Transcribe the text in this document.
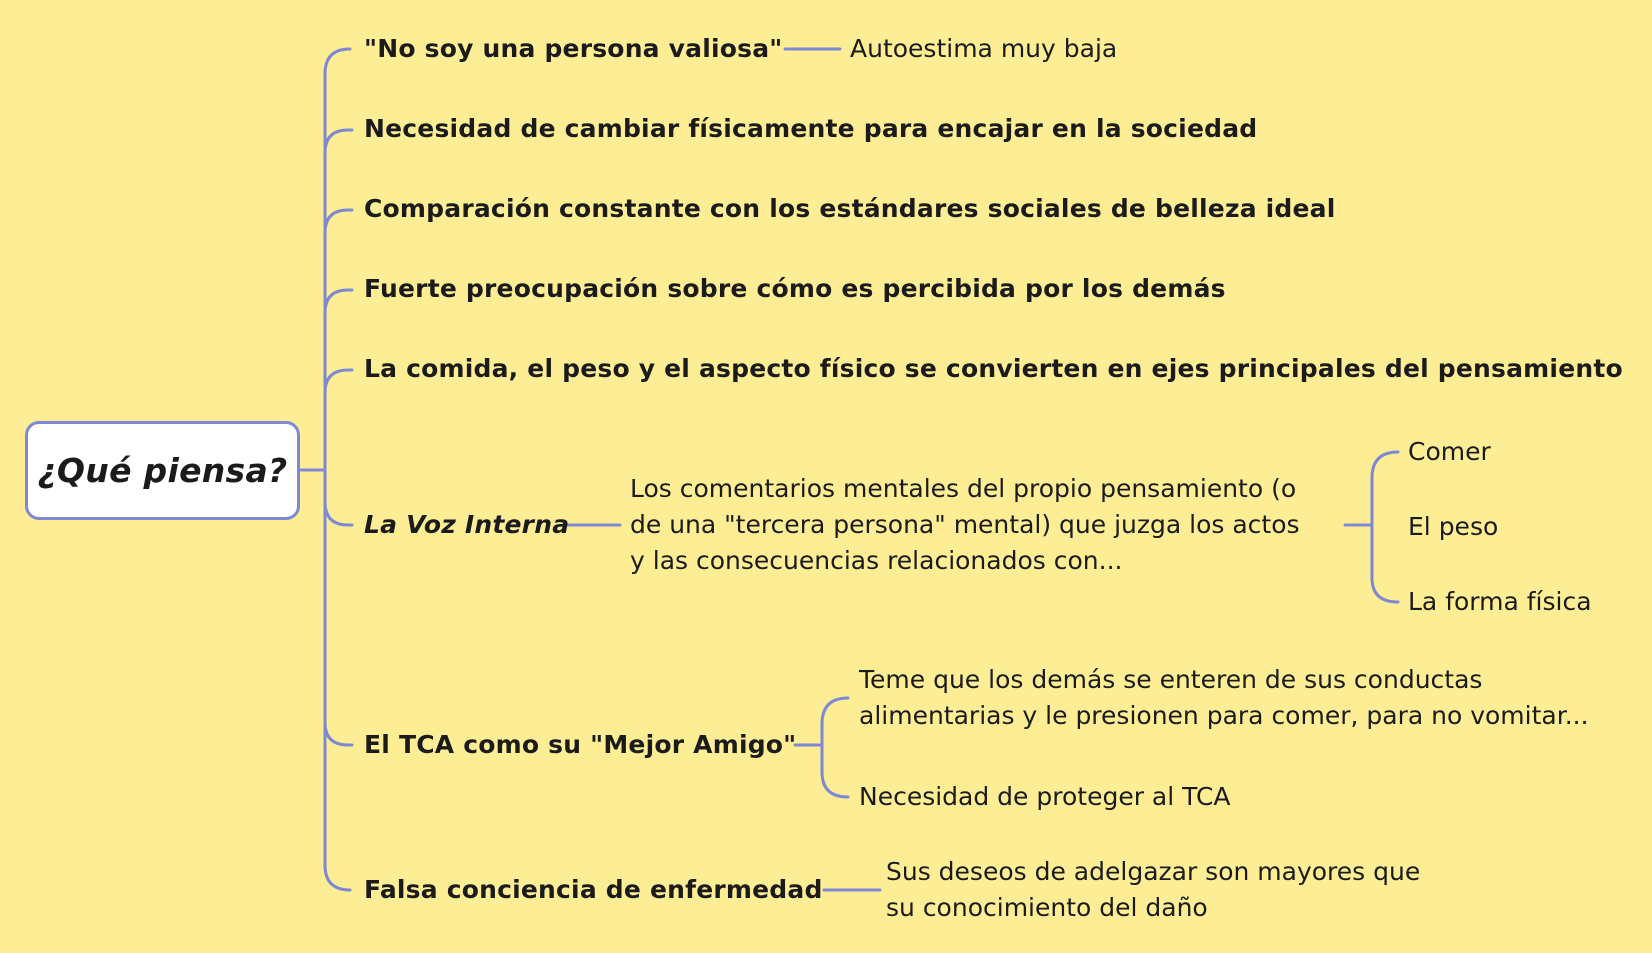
¿Qué piensa?
"No soy una persona valiosa"	Autoestima muy baja
Necesidad de cambiar físicamente para encajar en la sociedad
Comparación constante con los estándares sociales de belleza ideal
Fuerte preocupación sobre cómo es percibida por los demás
La comida, el peso y el aspecto físico se convierten en ejes principales del pensamiento
La Voz Interna
Los comentarios mentales del propio pensamiento (o
de una "tercera persona" mental) que juzga los actos
y las consecuencias relacionados con...
Comer
El peso
La forma física
El TCA como su "Mejor Amigo"
Teme que los demás se enteren de sus conductas
alimentarias y le presionen para comer, para no vomitar...
Necesidad de proteger al TCA
Falsa conciencia de enfermedad
Sus deseos de adelgazar son mayores que
su conocimiento del daño
